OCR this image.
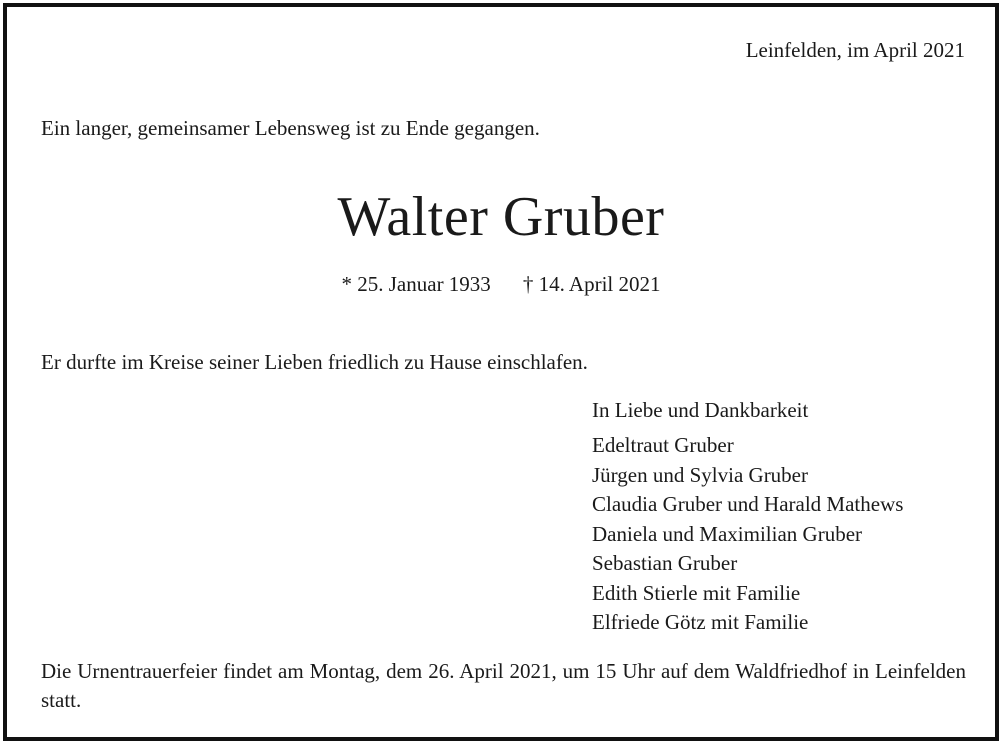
Leinfelden, im April 2021
Ein langer, gemeinsamer Lebensweg ist zu Ende gegangen.
Walter Gruber
* 25. Januar 1933 † 14. April 2021
Er durfte im Kreise seiner Lieben friedlich zu Hause einschlafen.
In Liebe und Dankbarkeit
Edeltraut Gruber
Jürgen und Sylvia Gruber
Claudia Gruber und Harald Mathews
Daniela und Maximilian Gruber
Sebastian Gruber
Edith Stierle mit Familie
Elfriede Götz mit Familie
Die Urnentrauerfeier findet am Montag, dem 26. April 2021, um 15 Uhr auf dem Waldfriedhof in Leinfelden statt.
